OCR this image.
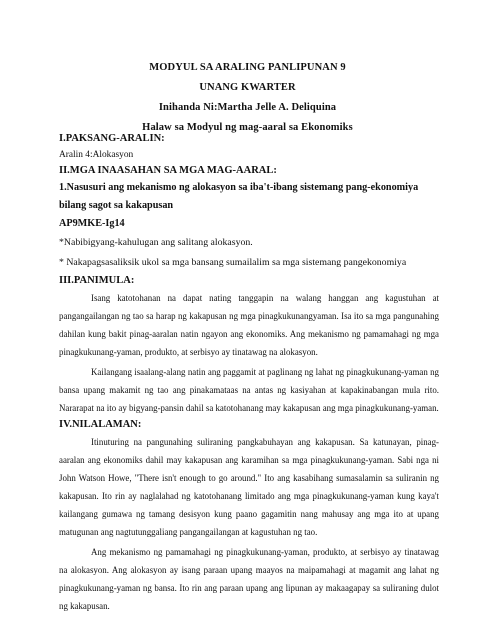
MODYUL SA ARALING PANLIPUNAN 9
UNANG KWARTER
Inihanda Ni:Martha Jelle A. Deliquina
Halaw sa Modyul ng mag-aaral sa Ekonomiks
I.PAKSANG-ARALIN:
Aralin 4:Alokasyon
II.MGA INAASAHAN SA MGA MAG-AARAL:
1.Nasusuri ang mekanismo ng alokasyon sa iba't-ibang sistemang pang-ekonomiya bilang sagot sa kakapusan
AP9MKE-Ig14
*Nabibigyang-kahulugan ang salitang alokasyon.
* Nakapagsasaliksik ukol sa mga bansang sumailalim sa mga sistemang pangekonomiya
III.PANIMULA:

Isang katotohanan na dapat nating tanggapin na walang hanggan ang kagustuhan at pangangailangan ng tao sa harap ng kakapusan ng mga pinagkukunangyaman. Isa ito sa mga pangunahing dahilan kung bakit pinag-aaralan natin ngayon ang ekonomiks. Ang mekanismo ng pamamahagi ng mga pinagkukunang-yaman, produkto, at serbisyo ay tinatawag na alokasyon.

Kailangang isaalang-alang natin ang paggamit at paglinang ng lahat ng pinagkukunang-yaman ng bansa upang makamit ng tao ang pinakamataas na antas ng kasiyahan at kapakinabangan mula rito. Nararapat na ito ay bigyang-pansin dahil sa katotohanang may kakapusan ang mga pinagkukunang-yaman.

IV.NILALAMAN:

Itinuturing na pangunahing suliraning pangkabuhayan ang kakapusan. Sa katunayan, pinag-aaralan ang ekonomiks dahil may kakapusan ang karamihan sa mga pinagkukunang-yaman. Sabi nga ni John Watson Howe, "There isn't enough to go around." Ito ang kasabihang sumasalamin sa suliranin ng kakapusan. Ito rin ay naglalahad ng katotohanang limitado ang mga pinagkukunang-yaman kung kaya't kailangang gumawa ng tamang desisyon kung paano gagamitin nang mahusay ang mga ito at upang matugunan ang nagtutunggaliang pangangailangan at kagustuhan ng tao.

Ang mekanismo ng pamamahagi ng pinagkukunang-yaman, produkto, at serbisyo ay tinatawag na alokasyon. Ang alokasyon ay isang paraan upang maayos na maipamahagi at magamit ang lahat ng pinagkukunang-yaman ng bansa. Ito rin ang paraan upang ang lipunan ay makaagapay sa suliraning dulot ng kakapusan.
